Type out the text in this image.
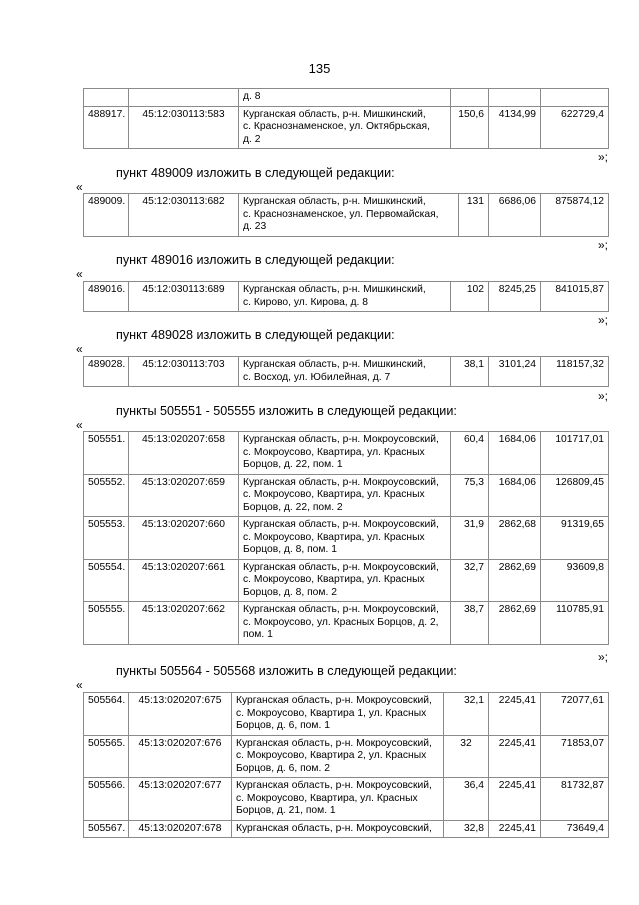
135

		д. 8			

488917.	45:12:030113:583	Курганская область, р-н. Мишкинский,
с. Краснознаменское, ул. Октябрьская,
д. 2	150,6	4134,99	622729,4
»;
пункт 489009 изложить в следующей редакции:
«
489009.	45:12:030113:682	Курганская область, р-н. Мишкинский,
с. Краснознаменское, ул. Первомайская,
д. 23
	131	6686,06	875874,12
»;
пункт 489016 изложить в следующей редакции:
«
489016.	45:12:030113:689	Курганская область, р-н. Мишкинский,
с. Кирово, ул. Кирова, д. 8
	102	8245,25	841015,87
»;
пункт 489028 изложить в следующей редакции:
«
489028.	45:12:030113:703	Курганская область, р-н. Мишкинский,
с. Восход, ул. Юбилейная, д. 7
	38,1	3101,24	118157,32
»;
пункты 505551 - 505555 изложить в следующей редакции:
«
505551.	45:13:020207:658	Курганская область, р-н. Мокроусовский,
с. Мокроусово, Квартира, ул. Красных
Борцов, д. 22, пом. 1	60,4	1684,06	101717,01
505552.	45:13:020207:659	Курганская область, р-н. Мокроусовский,
с. Мокроусово, Квартира, ул. Красных
Борцов, д. 22, пом. 2	75,3	1684,06	126809,45
505553.	45:13:020207:660	Курганская область, р-н. Мокроусовский,
с. Мокроусово, Квартира, ул. Красных
Борцов, д. 8, пом. 1	31,9	2862,68	91319,65
505554.	45:13:020207:661	Курганская область, р-н. Мокроусовский,
с. Мокроусово, Квартира, ул. Красных
Борцов, д. 8, пом. 2	32,7	2862,69	93609,8
505555.	45:13:020207:662	Курганская область, р-н. Мокроусовский,
с. Мокроусово, ул. Красных Борцов, д. 2,
пом. 1	38,7	2862,69	110785,91
»;
пункты 505564 - 505568 изложить в следующей редакции:
«
505564.	45:13:020207:675	Курганская область, р-н. Мокроусовский,
с. Мокроусово, Квартира 1, ул. Красных
Борцов, д. 6, пом. 1	32,1	2245,41	72077,61
505565.	45:13:020207:676	Курганская область, р-н. Мокроусовский,
с. Мокроусово, Квартира 2, ул. Красных
Борцов, д. 6, пом. 2	32	2245,41	71853,07
505566.	45:13:020207:677	Курганская область, р-н. Мокроусовский,
с. Мокроусово, Квартира, ул. Красных
Борцов, д. 21, пом. 1	36,4	2245,41	81732,87
505567.	45:13:020207:678	Курганская область, р-н. Мокроусовский,	32,8	2245,41	73649,4
